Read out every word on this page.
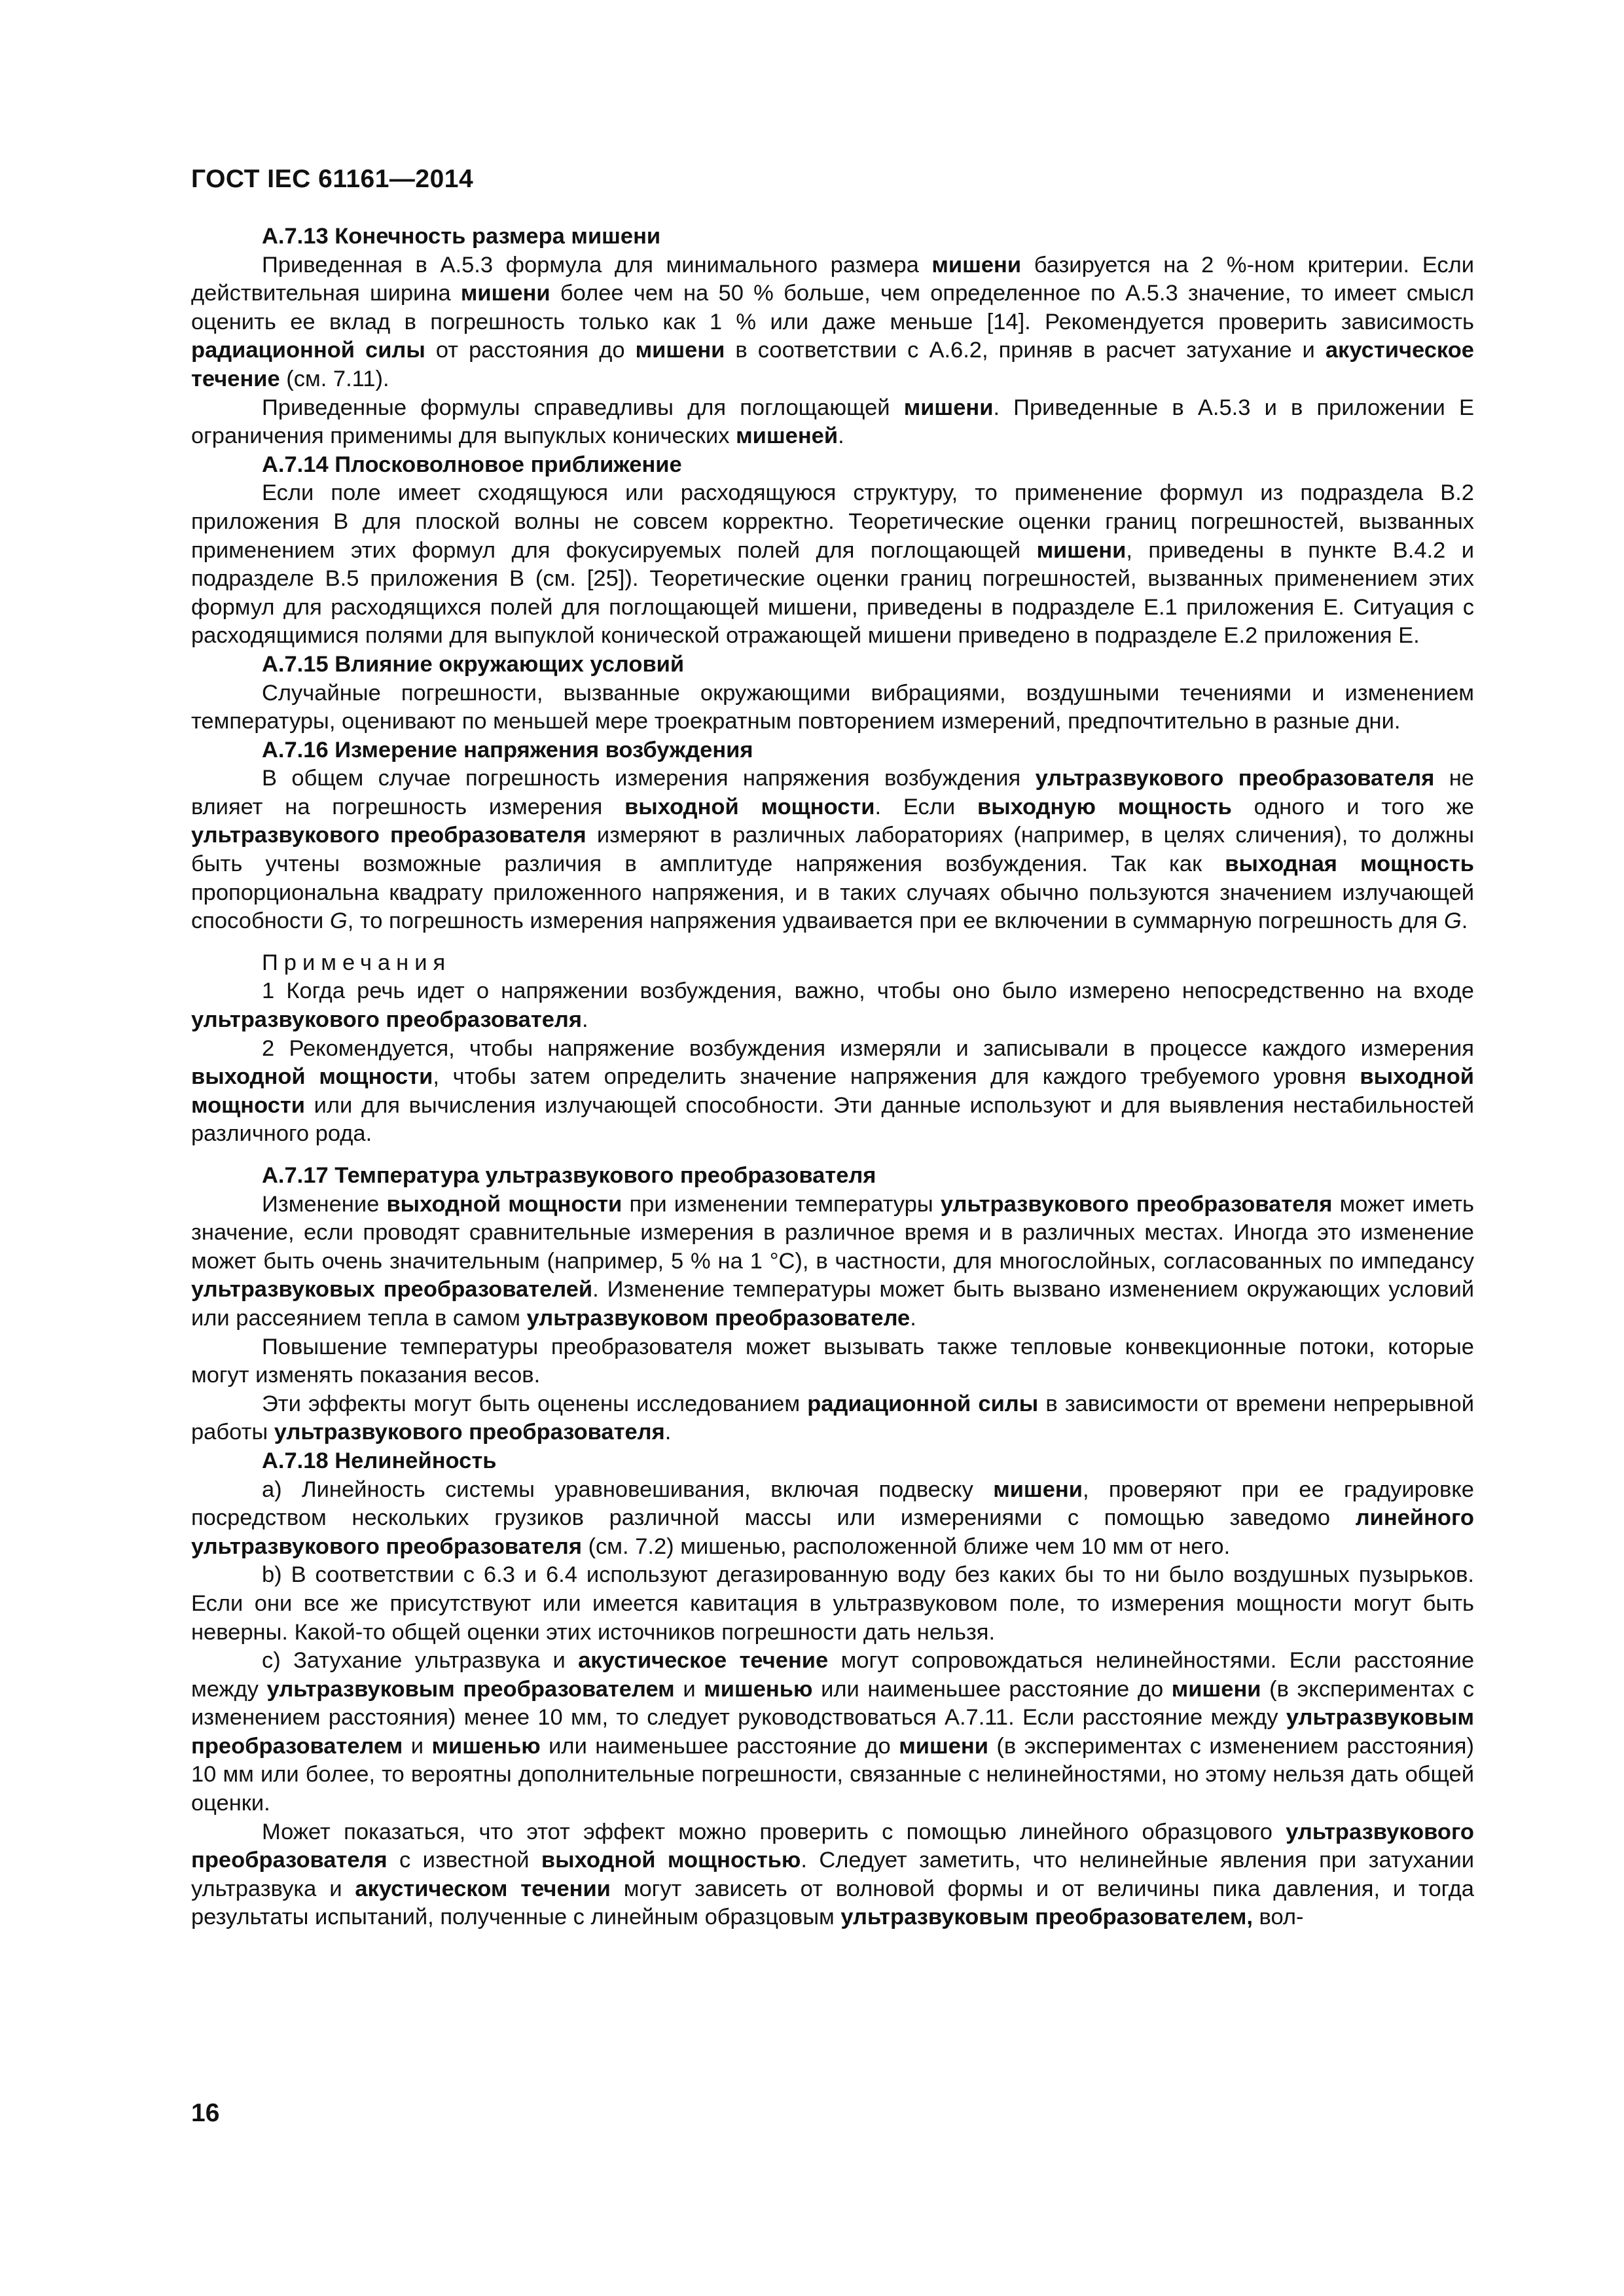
ГОСТ IEC 61161—2014

A.7.13 Конечность размера мишени

Приведенная в А.5.3 формула для минимального размера мишени базируется на 2 %-ном критерии. Если действительная ширина мишени более чем на 50 % больше, чем определенное по А.5.3 значение, то имеет смысл оценить ее вклад в погрешность только как 1 % или даже меньше [14]. Рекомендуется проверить зависимость радиационной силы от расстояния до мишени в соответствии с А.6.2, приняв в расчет затухание и акустическое течение (см. 7.11).

Приведенные формулы справедливы для поглощающей мишени. Приведенные в А.5.3 и в приложении Е ограничения применимы для выпуклых конических мишеней.

А.7.14 Плосковолновое приближение

Если поле имеет сходящуюся или расходящуюся структуру, то применение формул из подраздела В.2 приложения В для плоской волны не совсем корректно. Теоретические оценки границ погрешностей, вызванных применением этих формул для фокусируемых полей для поглощающей мишени, приведены в пункте В.4.2 и подразделе В.5 приложения В (см. [25]). Теоретические оценки границ погрешностей, вызванных применением этих формул для расходящихся полей для поглощающей мишени, приведены в подразделе Е.1 приложения Е. Ситуация с расходящимися полями для выпуклой конической отражающей мишени приведено в подразделе Е.2 приложения Е.

А.7.15 Влияние окружающих условий

Случайные погрешности, вызванные окружающими вибрациями, воздушными течениями и изменением температуры, оценивают по меньшей мере троекратным повторением измерений, предпочтительно в разные дни.

А.7.16 Измерение напряжения возбуждения

В общем случае погрешность измерения напряжения возбуждения ультразвукового преобразователя не влияет на погрешность измерения выходной мощности. Если выходную мощность одного и того же ультразвукового преобразователя измеряют в различных лабораториях (например, в целях сличения), то должны быть учтены возможные различия в амплитуде напряжения возбуждения. Так как выходная мощность пропорциональна квадрату приложенного напряжения, и в таких случаях обычно пользуются значением излучающей способности G, то погрешность измерения напряжения удваивается при ее включении в суммарную погрешность для G.

Примечания

1 Когда речь идет о напряжении возбуждения, важно, чтобы оно было измерено непосредственно на входе ультразвукового преобразователя.

2 Рекомендуется, чтобы напряжение возбуждения измеряли и записывали в процессе каждого измерения выходной мощности, чтобы затем определить значение напряжения для каждого требуемого уровня выходной мощности или для вычисления излучающей способности. Эти данные используют и для выявления нестабильностей различного рода.

А.7.17 Температура ультразвукового преобразователя

Изменение выходной мощности при изменении температуры ультразвукового преобразователя может иметь значение, если проводят сравнительные измерения в различное время и в различных местах. Иногда это изменение может быть очень значительным (например, 5 % на 1 °С), в частности, для многослойных, согласованных по импедансу ультразвуковых преобразователей. Изменение температуры может быть вызвано изменением окружающих условий или рассеянием тепла в самом ультразвуковом преобразователе.

Повышение температуры преобразователя может вызывать также тепловые конвекционные потоки, которые могут изменять показания весов.

Эти эффекты могут быть оценены исследованием радиационной силы в зависимости от времени непрерывной работы ультразвукового преобразователя.

А.7.18 Нелинейность

а) Линейность системы уравновешивания, включая подвеску мишени, проверяют при ее градуировке посредством нескольких грузиков различной массы или измерениями с помощью заведомо линейного ультразвукового преобразователя (см. 7.2) мишенью, расположенной ближе чем 10 мм от него.

b) В соответствии с 6.3 и 6.4 используют дегазированную воду без каких бы то ни было воздушных пузырьков. Если они все же присутствуют или имеется кавитация в ультразвуковом поле, то измерения мощности могут быть неверны. Какой-то общей оценки этих источников погрешности дать нельзя.

с) Затухание ультразвука и акустическое течение могут сопровождаться нелинейностями. Если расстояние между ультразвуковым преобразователем и мишенью или наименьшее расстояние до мишени (в экспериментах с изменением расстояния) менее 10 мм, то следует руководствоваться А.7.11. Если расстояние между ультразвуковым преобразователем и мишенью или наименьшее расстояние до мишени (в экспериментах с изменением расстояния) 10 мм или более, то вероятны дополнительные погрешности, связанные с нелинейностями, но этому нельзя дать общей оценки.

Может показаться, что этот эффект можно проверить с помощью линейного образцового ультразвукового преобразователя с известной выходной мощностью. Следует заметить, что нелинейные явления при затухании ультразвука и акустическом течении могут зависеть от волновой формы и от величины пика давления, и тогда результаты испытаний, полученные с линейным образцовым ультразвуковым преобразователем, вол-

16
